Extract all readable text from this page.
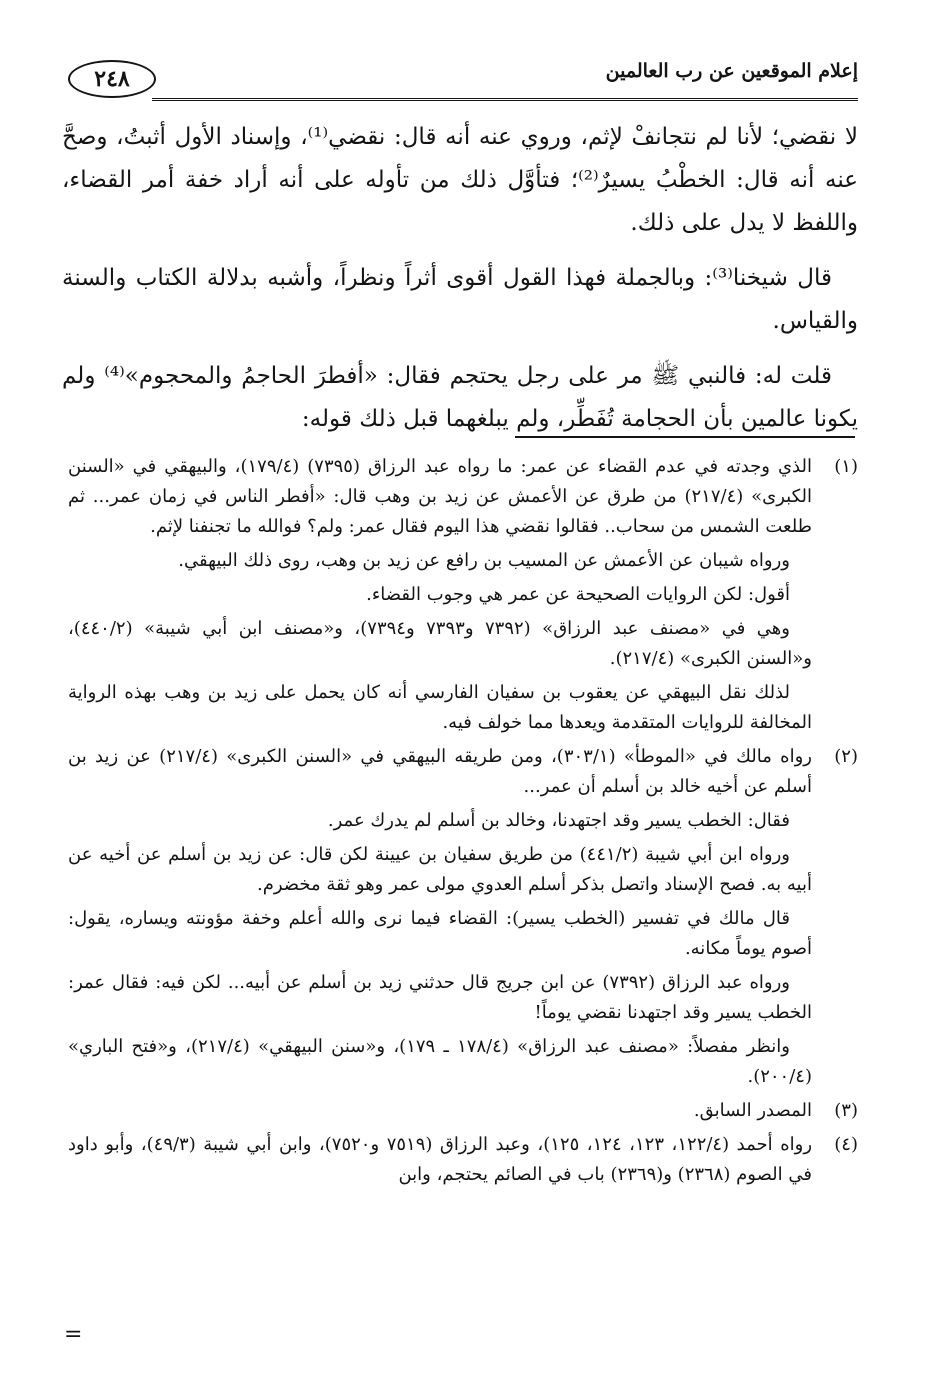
٢٤٨	إعلام الموقعين عن رب العالمين

لا نقضي؛ لأنا لم نتجانفْ لإثم، وروي عنه أنه قال: نقضي⁽¹⁾، وإسناد الأول أثبتُ، وصحَّ عنه أنه قال: الخطْبُ يسيرٌ⁽²⁾؛ فتأوَّل ذلك من تأوله على أنه أراد خفة أمر القضاء، واللفظ لا يدل على ذلك.

قال شيخنا⁽³⁾: وبالجملة فهذا القول أقوى أثراً ونظراً، وأشبه بدلالة الكتاب والسنة والقياس.

قلت له: فالنبي ﷺ مر على رجل يحتجم فقال: «أفطرَ الحاجمُ والمحجوم»⁽⁴⁾ ولم يكونا عالمين بأن الحجامة تُفَطِّر، ولم يبلغهما قبل ذلك قوله:

(١)

الذي وجدته في عدم القضاء عن عمر: ما رواه عبد الرزاق (٧٣٩٥) (١٧٩/٤)، والبيهقي في «السنن الكبرى» (٢١٧/٤) من طرق عن الأعمش عن زيد بن وهب قال: «أفطر الناس في زمان عمر... ثم طلعت الشمس من سحاب.. فقالوا نقضي هذا اليوم فقال عمر: ولم؟ فوالله ما تجنفنا لإثم.

ورواه شيبان عن الأعمش عن المسيب بن رافع عن زيد بن وهب، روى ذلك البيهقي.

أقول: لكن الروايات الصحيحة عن عمر هي وجوب القضاء.

وهي في «مصنف عبد الرزاق» (٧٣٩٢ و٧٣٩٣ و٧٣٩٤)، و«مصنف ابن أبي شيبة» (٤٤٠/٢)، و«السنن الكبرى» (٢١٧/٤).

لذلك نقل البيهقي عن يعقوب بن سفيان الفارسي أنه كان يحمل على زيد بن وهب بهذه الرواية المخالفة للروايات المتقدمة ويعدها مما خولف فيه.

(٢)

رواه مالك في «الموطأ» (٣٠٣/١)، ومن طريقه البيهقي في «السنن الكبرى» (٢١٧/٤) عن زيد بن أسلم عن أخيه خالد بن أسلم أن عمر...

فقال: الخطب يسير وقد اجتهدنا، وخالد بن أسلم لم يدرك عمر.

ورواه ابن أبي شيبة (٤٤١/٢) من طريق سفيان بن عيينة لكن قال: عن زيد بن أسلم عن أخيه عن أبيه به. فصح الإسناد واتصل بذكر أسلم العدوي مولى عمر وهو ثقة مخضرم.

قال مالك في تفسير (الخطب يسير): القضاء فيما نرى والله أعلم وخفة مؤونته ويساره، يقول: أصوم يوماً مكانه.

ورواه عبد الرزاق (٧٣٩٢) عن ابن جريج قال حدثني زيد بن أسلم عن أبيه... لكن فيه: فقال عمر: الخطب يسير وقد اجتهدنا نقضي يوماً!

وانظر مفصلاً: «مصنف عبد الرزاق» (١٧٨/٤ ـ ١٧٩)، و«سنن البيهقي» (٢١٧/٤)، و«فتح الباري» (٢٠٠/٤).

(٣)

المصدر السابق.

(٤)

رواه أحمد (١٢٢/٤، ١٢٣، ١٢٤، ١٢٥)، وعبد الرزاق (٧٥١٩ و٧٥٢٠)، وابن أبي شيبة (٤٩/٣)، وأبو داود في الصوم (٢٣٦٨) و(٢٣٦٩) باب في الصائم يحتجم، وابن

=
